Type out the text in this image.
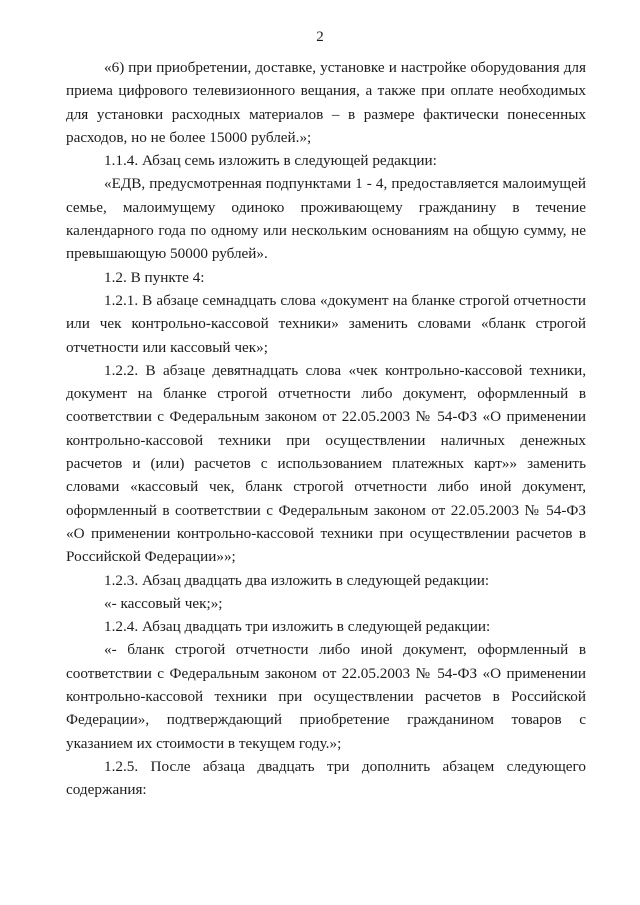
2

«6) при приобретении, доставке, установке и настройке оборудования для приема цифрового телевизионного вещания, а также при оплате необходимых для установки расходных материалов – в размере фактически понесенных расходов, но не более 15000 рублей.»;

1.1.4. Абзац семь изложить в следующей редакции:

«ЕДВ, предусмотренная подпунктами 1 - 4, предоставляется малоимущей семье, малоимущему одиноко проживающему гражданину в течение календарного года по одному или нескольким основаниям на общую сумму, не превышающую 50000 рублей».

1.2. В пункте 4:

1.2.1. В абзаце семнадцать слова «документ на бланке строгой отчетности или чек контрольно-кассовой техники» заменить словами «бланк строгой отчетности или кассовый чек»;

1.2.2. В абзаце девятнадцать слова «чек контрольно-кассовой техники, документ на бланке строгой отчетности либо документ, оформленный в соответствии с Федеральным законом от 22.05.2003 № 54-ФЗ «О применении контрольно-кассовой техники при осуществлении наличных денежных расчетов и (или) расчетов с использованием платежных карт»» заменить словами «кассовый чек, бланк строгой отчетности либо иной документ, оформленный в соответствии с Федеральным законом от 22.05.2003 № 54-ФЗ «О применении контрольно-кассовой техники при осуществлении расчетов в Российской Федерации»»;

1.2.3. Абзац двадцать два изложить в следующей редакции:

«- кассовый чек;»;

1.2.4. Абзац двадцать три изложить в следующей редакции:

«- бланк строгой отчетности либо иной документ, оформленный в соответствии с Федеральным законом от 22.05.2003 № 54-ФЗ «О применении контрольно-кассовой техники при осуществлении расчетов в Российской Федерации», подтверждающий приобретение гражданином товаров с указанием их стоимости в текущем году.»;

1.2.5. После абзаца двадцать три дополнить абзацем следующего содержания:
